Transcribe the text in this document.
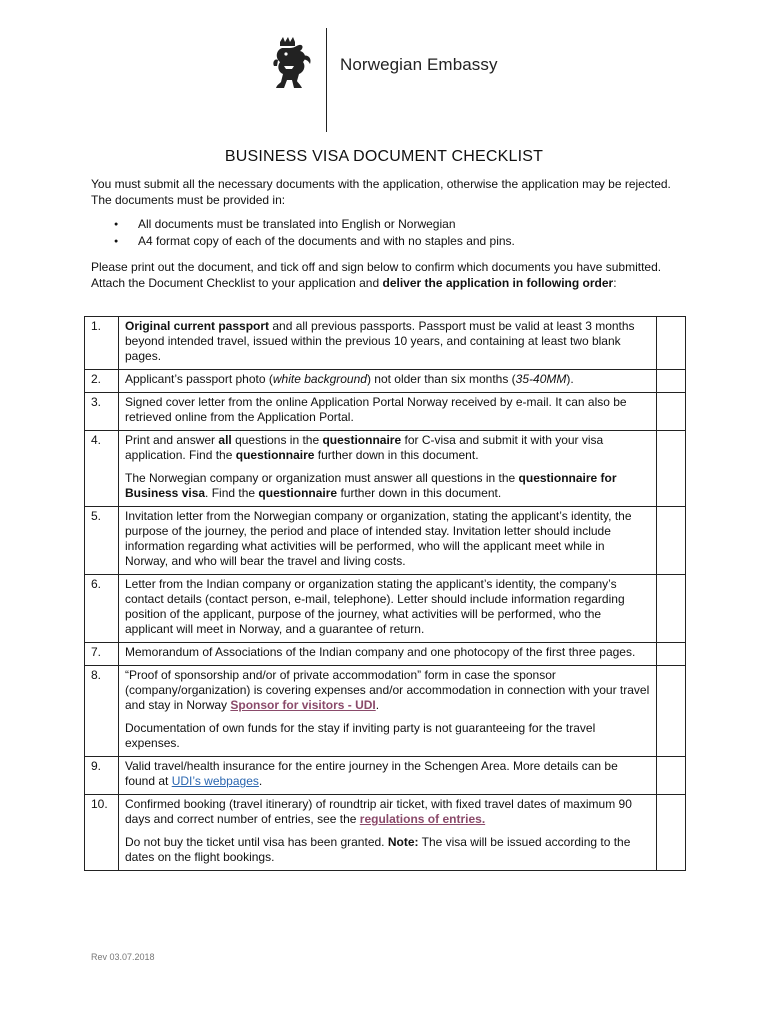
Norwegian Embassy
BUSINESS VISA DOCUMENT CHECKLIST
You must submit all the necessary documents with the application, otherwise the application may be rejected. The documents must be provided in:
● All documents must be translated into English or Norwegian
● A4 format copy of each of the documents and with no staples and pins.
Please print out the document, and tick off and sign below to confirm which documents you have submitted. Attach the Document Checklist to your application and deliver the application in following order:
1.	Original current passport and all previous passports. Passport must be valid at least 3 months beyond intended travel, issued within the previous 10 years, and containing at least two blank pages.	

2.	Applicant’s passport photo (white background) not older than six months (35-40MM).	

3.	Signed cover letter from the online Application Portal Norway received by e-mail. It can also be retrieved online from the Application Portal.	

4.	Print and answer all questions in the questionnaire for C-visa and submit it with your visa application. Find the questionnaire further down in this document.

The Norwegian company or organization must answer all questions in the questionnaire for Business visa. Find the questionnaire further down in this document.	

5.	Invitation letter from the Norwegian company or organization, stating the applicant’s identity, the purpose of the journey, the period and place of intended stay. Invitation letter should include information regarding what activities will be performed, who will the applicant meet while in Norway, and who will bear the travel and living costs.	

6.	Letter from the Indian company or organization stating the applicant’s identity, the company’s contact details (contact person, e-mail, telephone). Letter should include information regarding position of the applicant, purpose of the journey, what activities will be performed, who the applicant will meet in Norway, and a guarantee of return.	

7.	Memorandum of Associations of the Indian company and one photocopy of the first three pages.	

8.	“Proof of sponsorship and/or of private accommodation” form in case the sponsor (company/organization) is covering expenses and/or accommodation in connection with your travel and stay in Norway Sponsor for visitors - UDI.

Documentation of own funds for the stay if inviting party is not guaranteeing for the travel expenses.	

9.	Valid travel/health insurance for the entire journey in the Schengen Area. More details can be found at UDI’s webpages.	

10.	Confirmed booking (travel itinerary) of roundtrip air ticket, with fixed travel dates of maximum 90 days and correct number of entries, see the regulations of entries.

Do not buy the ticket until visa has been granted. Note: The visa will be issued according to the dates on the flight bookings.	

Rev 03.07.2018
